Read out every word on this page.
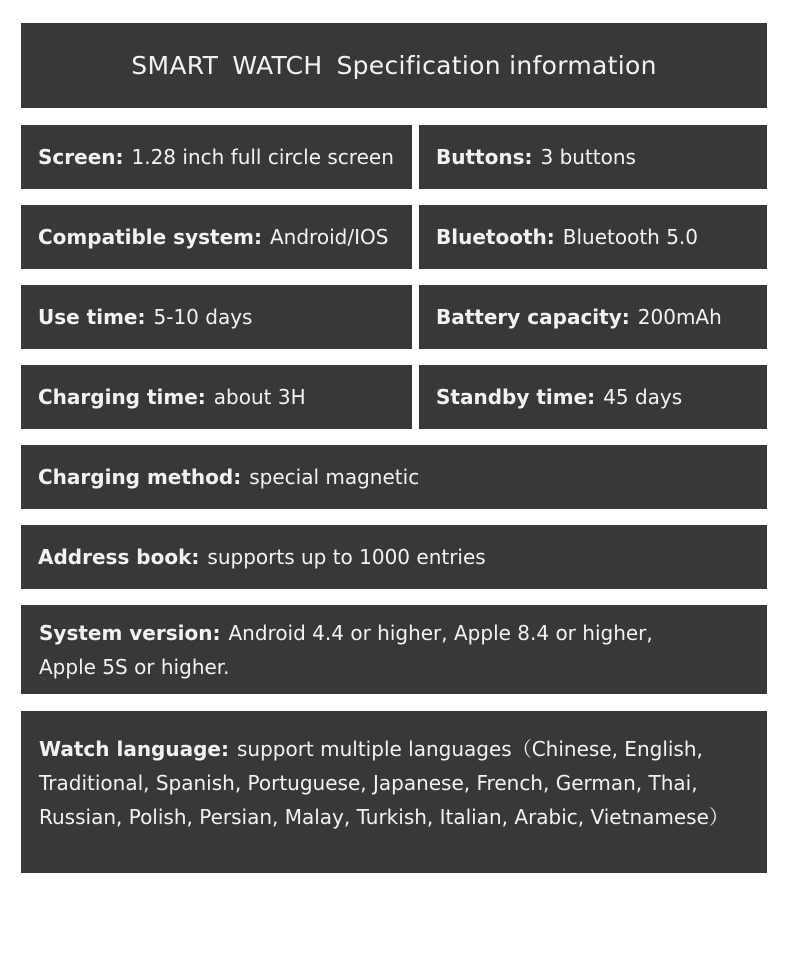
SMART WATCH Specification information
Screen: 1.28 inch full circle screen Buttons: 3 buttons
Compatible system: Android/IOS Bluetooth: Bluetooth 5.0
Use time: 5-10 days	Battery capacity: 200mAh
Charging time: about 3H	Standby time: 45 days
Charging method: special magnetic
Address book: supports up to 1000 entries
System version: Android 4.4 or higher, Apple 8.4 or higher, Apple 5S or higher.
Watch language: support multiple languages（Chinese, English, Traditional, Spanish, Portuguese, Japanese, French, German, Thai, Russian, Polish, Persian, Malay, Turkish, Italian, Arabic, Vietnamese）
